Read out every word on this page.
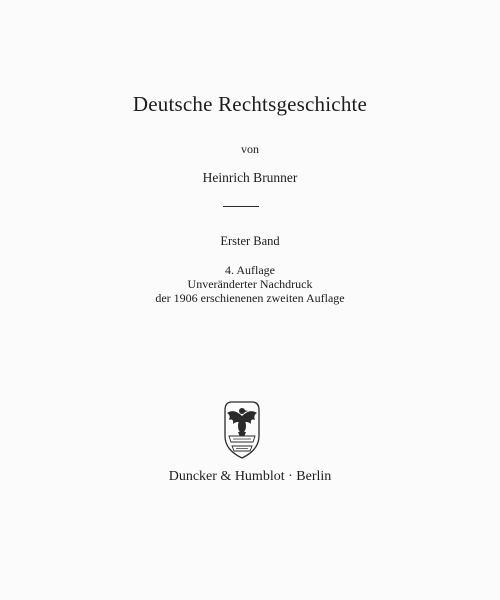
Deutsche Rechtsgeschichte
von
Heinrich Brunner
Erster Band
4. Auflage
Unveränderter Nachdruck
der 1906 erschienenen zweiten Auflage
Duncker & Humblot · Berlin
